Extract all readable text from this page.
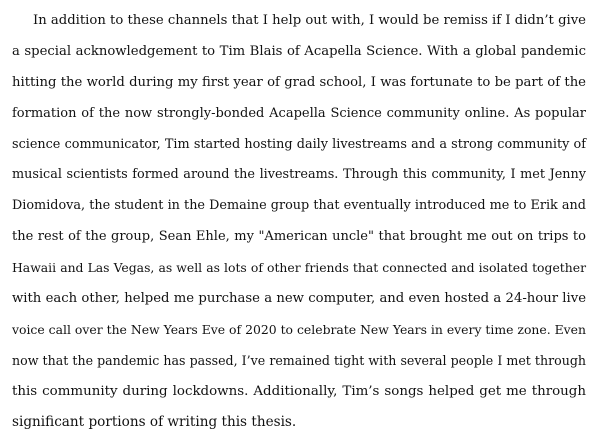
In addition to these channels that I help out with, I would be remiss if I didn’t give
a special acknowledgement to Tim Blais of Acapella Science. With a global pandemic
hitting the world during my first year of grad school, I was fortunate to be part of the
formation of the now strongly-bonded Acapella Science community online. As popular
science communicator, Tim started hosting daily livestreams and a strong community of
musical scientists formed around the livestreams. Through this community, I met Jenny
Diomidova, the student in the Demaine group that eventually introduced me to Erik and
the rest of the group, Sean Ehle, my "American uncle" that brought me out on trips to
Hawaii and Las Vegas, as well as lots of other friends that connected and isolated together
with each other, helped me purchase a new computer, and even hosted a 24-hour live
voice call over the New Years Eve of 2020 to celebrate New Years in every time zone. Even
now that the pandemic has passed, I’ve remained tight with several people I met through
this community during lockdowns. Additionally, Tim’s songs helped get me through
significant portions of writing this thesis.
